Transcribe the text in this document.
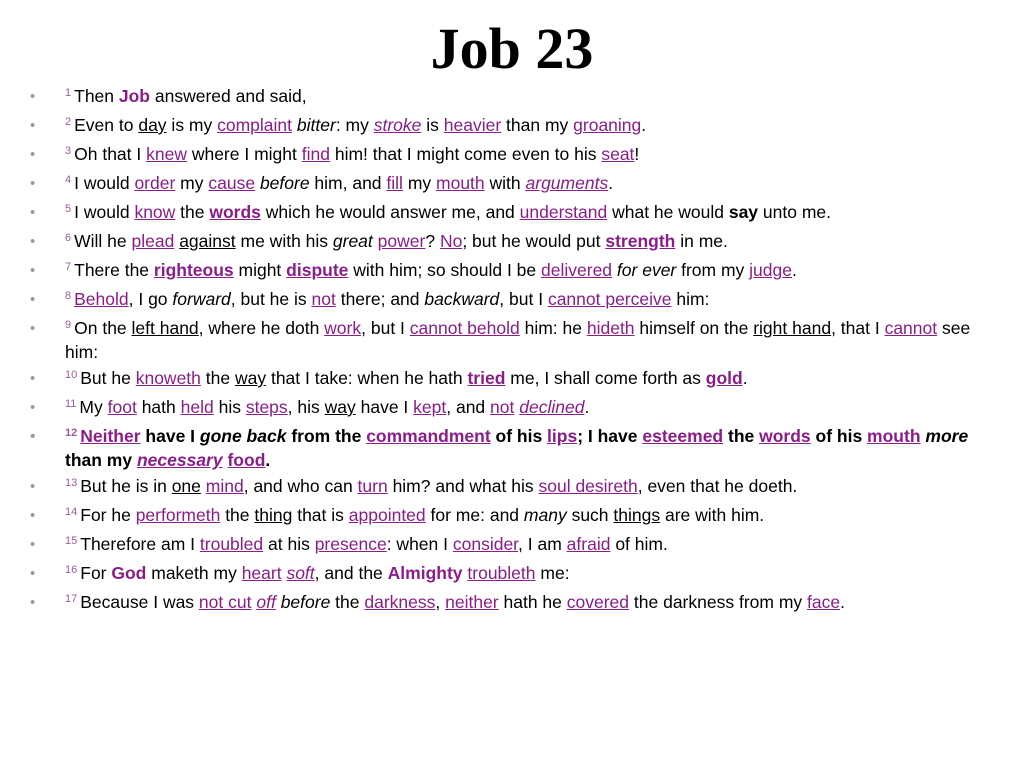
Job 23
• $^1$ Then Job answered and said,
• $^2$ Even to day is my complaint bitter: my stroke is heavier than my groaning.
• $^3$ Oh that I knew where I might find him! that I might come even to his seat!
• $^4$ I would order my cause before him, and fill my mouth with arguments.
• $^5$ I would know the words which he would answer me, and understand what he would say unto me.
• $^6$ Will he plead against me with his great power? No; but he would put strength in me.
• $^7$ There the righteous might dispute with him; so should I be delivered for ever from my judge.
• $^8$ Behold, I go forward, but he is not there; and backward, but I cannot perceive him:
• $^9$ On the left hand, where he doth work, but I cannot behold him: he hideth himself on the right hand, that I cannot see him:
• $^{10}$ But he knoweth the way that I take: when he hath tried me, I shall come forth as gold.
• $^{11}$ My foot hath held his steps, his way have I kept, and not declined.
• $^{12}$ Neither have I gone back from the commandment of his lips; I have esteemed the words of his mouth more than my necessary food.
• $^{13}$ But he is in one mind, and who can turn him? and what his soul desireth, even that he doeth.
• $^{14}$ For he performeth the thing that is appointed for me: and many such things are with him.
• $^{15}$ Therefore am I troubled at his presence: when I consider, I am afraid of him.
• $^{16}$ For God maketh my heart soft, and the Almighty troubleth me:
• $^{17}$ Because I was not cut off before the darkness, neither hath he covered the darkness from my face.
